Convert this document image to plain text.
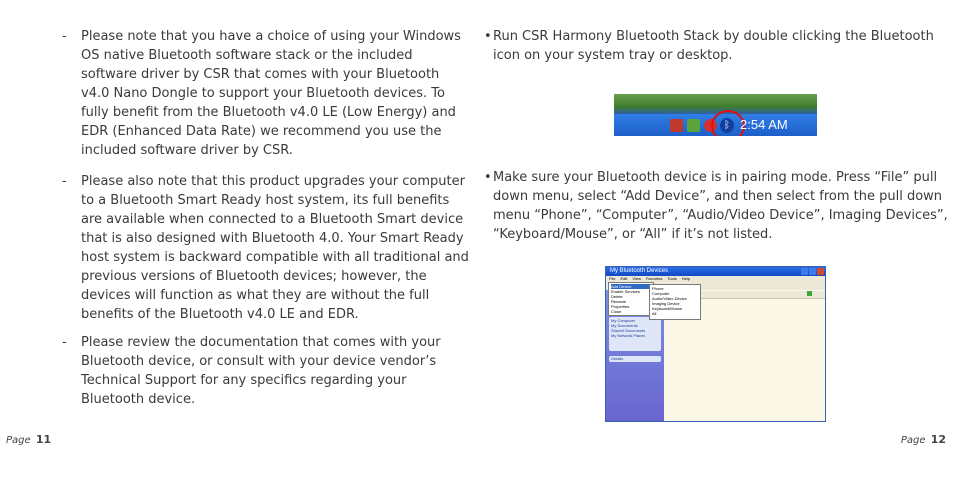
- Please note that you have a choice of using your Windows OS native Bluetooth software stack or the included software driver by CSR that comes with your Bluetooth v4.0 Nano Dongle to support your Bluetooth devices. To fully benefit from the Bluetooth v4.0 LE (Low Energy) and EDR (Enhanced Data Rate) we recommend you use the included software driver by CSR.
- Please also note that this product upgrades your computer to a Bluetooth Smart Ready host system, its full benefits are available when connected to a Bluetooth Smart device that is also designed with Bluetooth 4.0. Your Smart Ready host system is backward compatible with all traditional and previous versions of Bluetooth devices; however, the devices will function as what they are without the full benefits of the Bluetooth v4.0 LE and EDR.
- Please review the documentation that comes with your Bluetooth device, or consult with your device vendor’s Technical Support for any specifics regarding your Bluetooth device.
Page 11
• Run CSR Harmony Bluetooth Stack by double clicking the Bluetooth icon on your system tray or desktop.
ᛒ 2:54 AM
• Make sure your Bluetooth device is in pairing mode. Press “File” pull down menu, select “Add Device”, and then select from the pull down menu “Phone”, “Computer”, “Audio/Video Device”, Imaging Devices”, “Keyboard/Mouse”, or “All” if it’s not listed.
My Bluetooth Devices
File Edit View Favorites Tools Help
My Computer
My Documents
Shared Documents
My Network Places
Details
Add Device
Enable Services
Delete
Rename
Properties
Close
Phone
Computer
Audio/Video Device
Imaging Device
Keyboard/Mouse
All
Page 12
